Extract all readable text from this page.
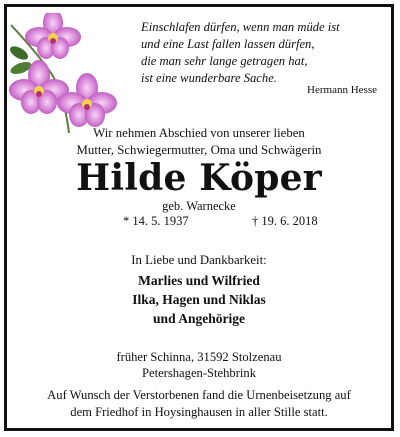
Einschlafen dürfen, wenn man müde ist
und eine Last fallen lassen dürfen,
die man sehr lange getragen hat,
ist eine wunderbare Sache.
Hermann Hesse
Wir nehmen Abschied von unserer lieben
Mutter, Schwiegermutter, Oma und Schwägerin
Hilde Köper
geb. Warnecke
* 14. 5. 1937	† 19. 6. 2018
In Liebe und Dankbarkeit:
Marlies und Wilfried
Ilka, Hagen und Niklas
und Angehörige
früher Schinna, 31592 Stolzenau
Petershagen-Stehbrink
Auf Wunsch der Verstorbenen fand die Urnenbeisetzung auf
dem Friedhof in Hoysinghausen in aller Stille statt.
